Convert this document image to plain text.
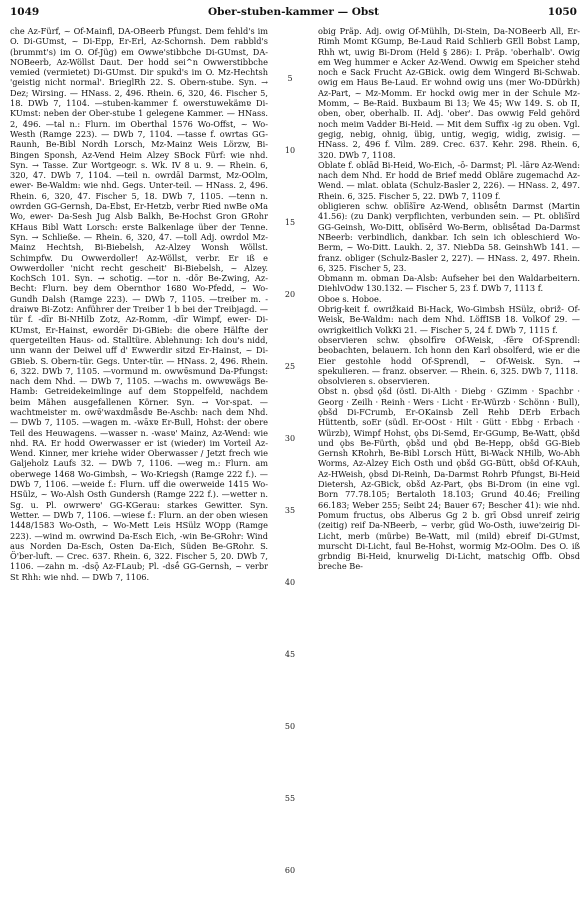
1049	Ober-stuben-kammer — Obst	1050

che Az-Fürf, ~ Of-Mainfl, DA-OBeerb Pfungst. Dem fehld's im O. Di-GUmst, ~ Di-Epp, Er-Erl, Az-Schornsh. Dem rabbld's (brummt's) im O. Of-Jüg) em Owwe'stibbche Di-GUmst, DA-NOBeerb, Az-Wöllst Daut. Der hodd sei^n Owwerstibbche vemied (vermietet) Di-GUmst. Dir spukd's im O. Mz-Hechtsh 'geistig nicht normal'. BrieglRh 22. S. Obern-stube. Syn. → Dez; Wirsing. — HNass. 2, 496. Rhein. 6, 320, 46. Fischer 5, 18. DWb 7, 1104. —stuben-kammer f. owerstuwekämɐ Di-KUmst: neben der Ober-stube 1 gelegene Kammer. — HNass. 2, 496. —tal n.: Flurn. im Oberthal 1576 Wo-Offst, ~ Wo-Westh (Ramge 223). — DWb 7, 1104. —tasse f. owrtas GG-Raunh, Be-Bibl Nordh Lorsch, Mz-Mainz Weis Lörzw, Bi-Bingen Sponsh, Az-Vend Heim Alzey SBock Fürf: wie nhd. Syn. → Tasse. Zur Wortgeogr. s. Wk. IV 8 u. 9. — Rhein. 6, 320, 47. DWb 7, 1104. —teil n. owrdāl Darmst, Mz-OOlm, ewer- Be-Waldm: wie nhd. Gegs. Unter-teil. — HNass. 2, 496. Rhein. 6, 320, 47. Fischer 5, 18. DWb 7, 1105. —tenn n. owrden GG-Gernsh, Da-Ebst, Er-Hetzb, verbr Ried nwBe oMa Wo, ewer- Da-Sesh Jug Alsb Balkh, Be-Hochst Gron GRohr KHaus Bibl Watt Lorsch: erste Balkenlage über der Tenne. Syn. → Schließe. — Rhein. 6, 320, 47. —toll Adj. owrdol Mz-Mainz Hechtsh, Bi-Biebelsh, Az-Alzey Wonsh Wöllst. Schimpfw. Du Owwerdoller! Az-Wöllst, verbr. Er iß e Owwerdoller 'nicht recht gescheit' Bi-Biebelsh, ~ Alzey. KochSch 101. Syn. → schotig. —tor n. -dōr Be-Zwing, Az-Becht: Flurn. bey dem Obernthor 1680 Wo-Pfedd, ~ Wo-Gundh Dalsh (Ramge 223). — DWb 7, 1105. —treiber m. -draiwɐ Bi-Zotz: Anführer der Treiber 1 b bei der Treibjagd. —tür f. -dīr Bi-NHilb Zotz, Az-Romm, -dīr Wimpf, ewer- Di-KUmst, Er-Hainst, ewordēr Di-GBieb: die obere Hälfte der quergeteilten Haus- od. Stalltüre. Ablehnung: Ich dou's nidd, unn wann der Deiwel uff d' Ewwerdir sitzd Er-Hainst, ~ Di-GBieb. S. Obern-tür. Gegs. Unter-tür. — HNass. 2, 496. Rhein. 6, 322. DWb 7, 1105. —vormund m. owwɐ̄smund Da-Pfungst: nach dem Nhd. — DWb 7, 1105. —wachs m. owwɐwägs Be-Hamb: Getreidekeimlinge auf dem Stoppelfeld, nachdem beim Mähen ausgefallenen Körner. Syn. → Vor-spat. —wachtmeister m. owɐ̄'waxdmǟsdɐ Be-Aschb: nach dem Nhd. — DWb 7, 1105. —wagen m. -wāxɐ Er-Bull, Hohst: der obere Teil des Heuwagens. —wasser n. -wasɐ' Mainz, Az-Wend: wie nhd. RA. Er hodd Owerwasser er ist (wieder) im Vorteil Az-Wend. Kinner, mer kriehe wider Oberwasser / Jetzt frech wie Galjeholz Laufs 32. — DWb 7, 1106. —weg m.: Flurn. am oberwege 1468 Wo-Gimbsh, ~ Wo-Kriegsh (Ramge 222 f.). — DWb 7, 1106. —weide f.: Flurn. uff die owerweide 1415 Wo-HSülz, ~ Wo-Alsh Osth Gundersh (Ramge 222 f.). —wetter n. Sg. u. Pl. owrwerɐ' GG-KGerau: starkes Gewitter. Syn. Wetter. — DWb 7, 1106. —wiese f.: Flurn. an der oben wiesen 1448/1583 Wo-Osth, ~ Wo-Mett Leis HSülz WOpp (Ramge 223). —wind m. owrwind Da-Esch Eich, -win Be-GRohr: Wind aus Norden Da-Esch, Osten Da-Eich, Süden Be-GRohr. S. Ö'ber-luft. — Crec. 637. Rhein. 6, 322. Fischer 5, 20. DWb 7, 1106. —zahn m. -dsǭ Az-FLaub; Pl. -dsḗ GG-Gernsh, ~ verbr St Rhh: wie nhd. — DWb 7, 1106.

5
10
15
20
25
30
35
40
45
50
55
60

obig Präp. Adj. owig Of-Mühlh, Di-Stein, Da-NOBeerb All, Er-Rimh Momt KGump, Be-Laud Raid Schlierb GEll Bobst Lamp, Rhh wt, uwig Bi-Drom (Held § 286): I. Präp. 'oberhalb'. Owig em Weg hummer e Acker Az-Wend. Owwig em Speicher stehd noch e Sack Frucht Az-GBick. owig dem Wingerd Bi-Schwab. owig em Haus Be-Laud. Er wohnd owig uns (mer Wo-DDürkh) Az-Part, ~ Mz-Momm. Er hockd owig mer in der Schule Mz-Momm, ~ Be-Raid. Buxbaum Bi 13; We 45; Ww 149. S. ob II, oben, ober, oberhalb. II. Adj. 'ober'. Das owwig Feld gehörd noch meim Vadder Bi-Heid. — Mit dem Suffix -ig zu oben. Vgl. gegig, nebig, ohnig, übig, untig, wegig, widig, zwisig. — HNass. 2, 496 f. Vilm. 289. Crec. 637. Kehr. 298. Rhein. 6, 320. DWb 7, 1108.

Oblate f. oblād Bi-Heid, Wo-Eich, -ō- Darmst; Pl. -lārɐ Az-Wend: nach dem Nhd. Er hodd de Brief medd Obläre zugemachd Az-Wend. — mlat. oblata (Schulz-Basler 2, 226). — HNass. 2, 497. Rhein. 6, 325. Fischer 5, 22. DWb 7, 1109 f.

obligieren schw. oblīšīrɐ Az-Wend, oblısḗtn Darmst (Martin 41.56): (zu Dank) verpflichten, verbunden sein. — Pt. oblišīrd GG-Geinsh, Wo-Ditt, oblīsērd Wo-Berm, oblisḗtad Da-Darmst NBeerb: verbindlich, dankbar. Ich sein ich obleschierd Wo-Berm, ~ Wo-Ditt. Laukh. 2, 37. NiebDa 58. GeinshWb 141. — franz. obliger (Schulz-Basler 2, 227). — HNass. 2, 497. Rhein. 6, 325. Fischer 5, 23.

Obmann m. obman Da-Alsb: Aufseher bei den Waldarbeitern. DiehlvOdw 130.132. — Fischer 5, 23 f. DWb 7, 1113 f.

Oboe s. Hoboe.

Obrig-keit f. owrižkaid Bi-Hack, Wo-Gimbsh HSülz, obriž- Of-Weisk, Be-Waldm: nach dem Nhd. LöffISB 18. VolkOf 29. — owrigkeitlich VolkKi 21. — Fischer 5, 24 f. DWb 7, 1115 f.

observieren schw. ǫbsolfīrɐ Of-Weisk, -fērɐ Of-Sprendl: beobachten, belauern. Ich honn den Karl obsolferd, wie er die Eier gestohle hodd Of-Sprendl, ~ Of-Weisk. Syn. → spekulieren. — franz. observer. — Rhein. 6, 325. DWb 7, 1118.

obsolvieren s. observieren.

Obst n. ǫbsd ǫšd (östl. Di-Alth · Diebg · GZimm · Spachbr · Georg · Zeilh · Reinh · Wers · Licht · Er-Würzb · Schönn · Bull), ǫbšd Di-FCrumb, Er-OKainsb Zell Rehb DErb Erbach Hüttentb, soEr (südl. Er-OOst · Hilt · Gütt · Ebbg · Erbach · Würzb), Wimpf Hohst, ǫbs Di-Semd, Er-GGump, Be-Watt, ǫbšd und ǫbs Be-Fürth, ǫbšd und ǫbd Be-Hepp, obšd GG-Bieb Gernsh KRohrh, Be-Bibl Lorsch Hütt, Bi-Wack NHilb, Wo-Abh Worms, Az-Alzey Eich Osth und ǫbšd GG-Bütt, obšd Of-KAuh, Az-HWeish, ǫbsd Di-Reinh, Da-Darmst Rohrb Pfungst, Bi-Heid Dietersh, Az-GBick, obšd Az-Part, ǫbs Bi-Drom (in eine vgl. Born 77.78.105; Bertaloth 18.103; Grund 40.46; Freiling 66.183; Weber 255; Seibt 24; Bauer 67; Bescher 41): wie nhd. Pomum fructus, obs Alberus Gg 2 b. grī Obsd unreif zeirig (zeitig) reif Da-NBeerb, ~ verbr, güd Wo-Osth, iuwe'zeirig Di-Licht, merb (mürbe) Be-Watt, mil (mild) ebreif Di-GUmst, murscht Di-Licht, faul Be-Hohst, wormig Mz-OOlm. Des O. iß grbndig Bi-Heid, knurwelig Di-Licht, matschig Offb. Obsd breche Be-
